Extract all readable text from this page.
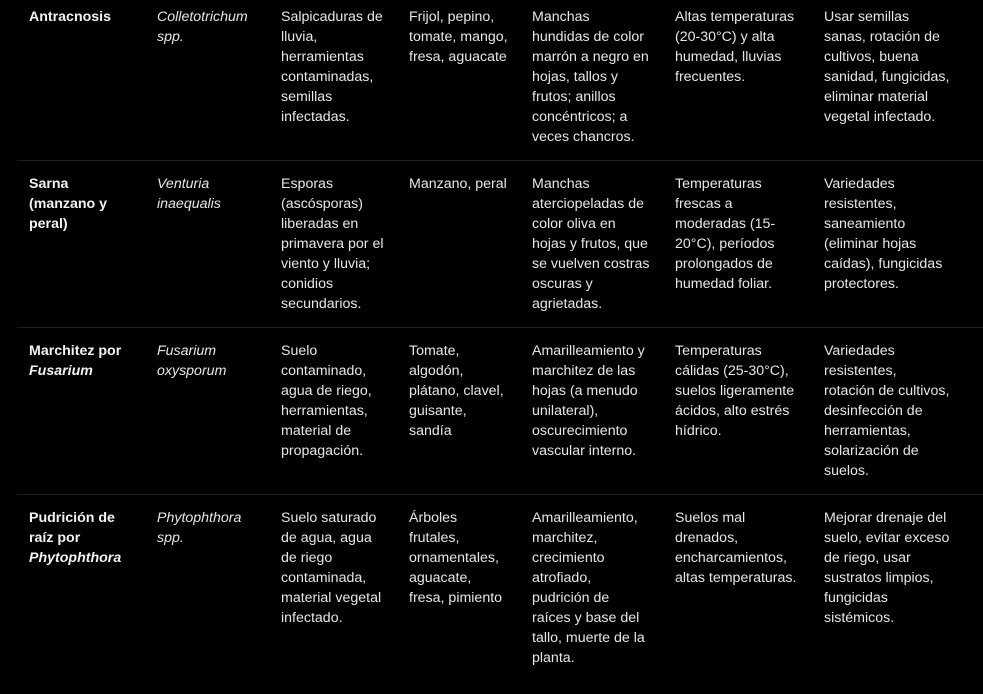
Antracnosis	Colletotrichum spp.
Salpicaduras de lluvia, herramientas contaminadas, semillas infectadas.
Frijol, pepino, tomate, mango, fresa, aguacate
Manchas hundidas de color marrón a negro en hojas, tallos y frutos; anillos concéntricos; a veces chancros.
Altas temperaturas (20-30°C) y alta humedad, lluvias frecuentes.
Usar semillas sanas, rotación de cultivos, buena sanidad, fungicidas, eliminar material vegetal infectado.
Sarna (manzano y peral)
Venturia inaequalis
Esporas (ascósporas) liberadas en primavera por el viento y lluvia; conidios secundarios.
Manzano, peral	Manchas aterciopeladas de color oliva en hojas y frutos, que se vuelven costras oscuras y agrietadas.
Temperaturas frescas a moderadas (15-20°C), períodos prolongados de humedad foliar.
Variedades resistentes, saneamiento (eliminar hojas caídas), fungicidas protectores.
Marchitez por Fusarium
Fusarium oxysporum
Suelo contaminado, agua de riego, herramientas, material de propagación.
Tomate, algodón, plátano, clavel, guisante, sandía
Amarilleamiento y marchitez de las hojas (a menudo unilateral), oscurecimiento vascular interno.
Temperaturas cálidas (25-30°C), suelos ligeramente ácidos, alto estrés hídrico.
Variedades resistentes, rotación de cultivos, desinfección de herramientas, solarización de suelos.
Pudrición de raíz por Phytophthora
Phytophthora spp.
Suelo saturado de agua, agua de riego contaminada, material vegetal infectado.
Árboles frutales, ornamentales, aguacate, fresa, pimiento
Amarilleamiento, marchitez, crecimiento atrofiado, pudrición de raíces y base del tallo, muerte de la planta.
Suelos mal drenados, encharcamientos, altas temperaturas.
Mejorar drenaje del suelo, evitar exceso de riego, usar sustratos limpios, fungicidas sistémicos.
